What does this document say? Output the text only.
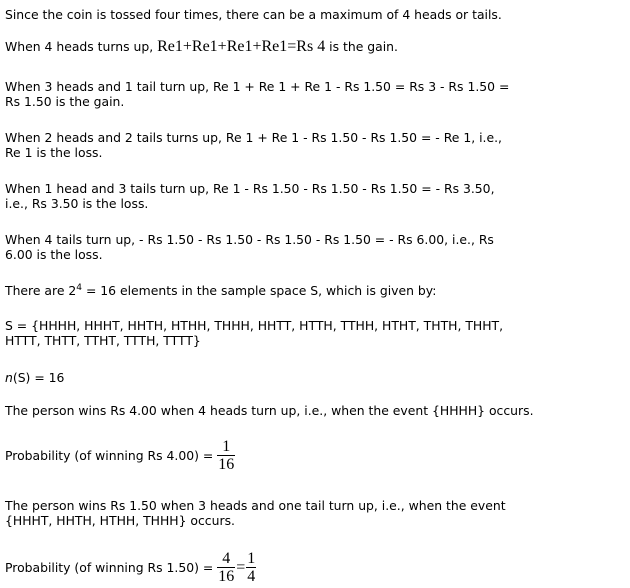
Since the coin is tossed four times, there can be a maximum of 4 heads or tails.
When 4 heads turns up, Re1+Re1+Re1+Re1=Rs 4 is the gain.
When 3 heads and 1 tail turn up, Re 1 + Re 1 + Re 1 - Rs 1.50 = Rs 3 - Rs 1.50 =
Rs 1.50 is the gain.
When 2 heads and 2 tails turns up, Re 1 + Re 1 - Rs 1.50 - Rs 1.50 = - Re 1, i.e.,
Re 1 is the loss.
When 1 head and 3 tails turn up, Re 1 - Rs 1.50 - Rs 1.50 - Rs 1.50 = - Rs 3.50,
i.e., Rs 3.50 is the loss.
When 4 tails turn up, - Rs 1.50 - Rs 1.50 - Rs 1.50 - Rs 1.50 = - Rs 6.00, i.e., Rs
6.00 is the loss.
There are $2^4 = 16$ elements in the sample space S, which is given by:
S = {HHHH, HHHT, HHTH, HTHH, THHH, HHTT, HTTH, TTHH, HTHT, THTH, THHT,
HTTT, THTT, TTHT, TTTH, TTTT}
n(S) = 16
The person wins Rs 4.00 when 4 heads turn up, i.e., when the event {HHHH} occurs.
Probability (of winning Rs $4.00) = \frac{1}{16}$
The person wins Rs 1.50 when 3 heads and one tail turn up, i.e., when the event
{HHHT, HHTH, HTHH, THHH} occurs.
Probability (of winning Rs $1.50) = \frac{4}{16} = \frac{1}{4}$
